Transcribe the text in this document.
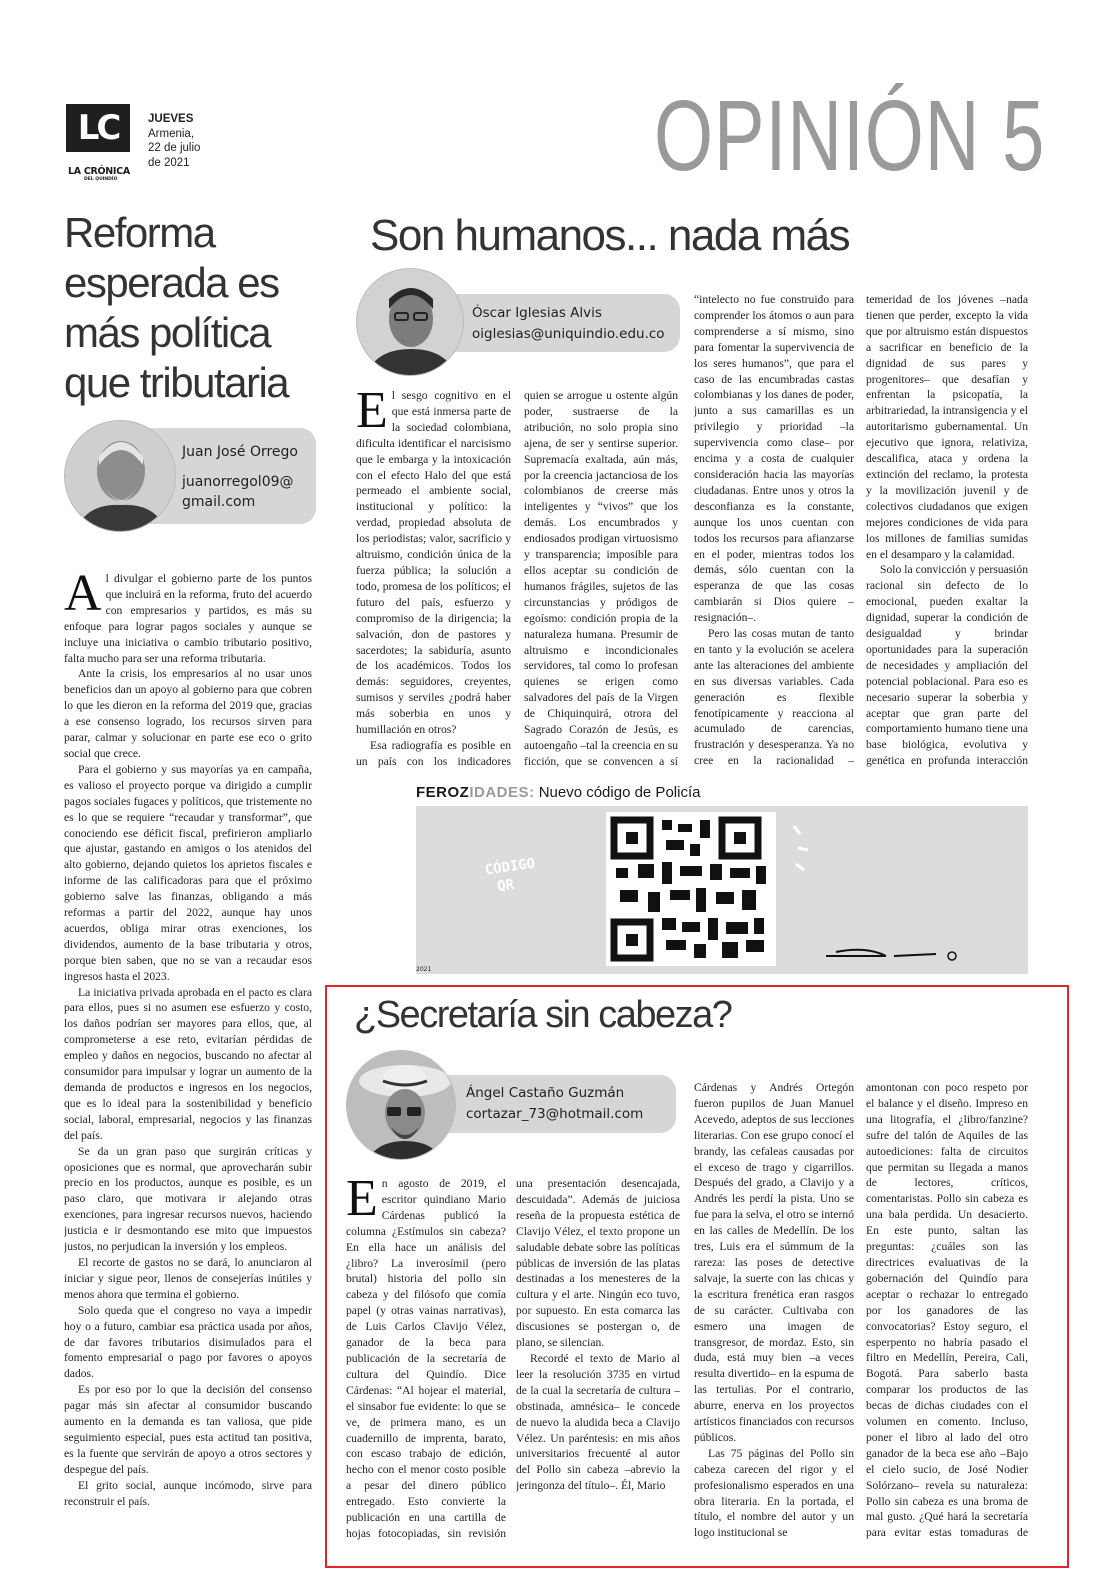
LC
LA CRÓNICA
DEL QUINDÍO
JUEVES
Armenia,
22 de julio
de 2021	OPINIÓN 5
Reforma esperada es más política que tributaria
Juan José Orrego
juanorregol09@
gmail.com
A l divulgar el gobierno parte de los puntos que incluirá en la reforma, fruto del acuerdo con empresarios y partidos, es más su enfoque para lograr pagos sociales y aunque se incluye una iniciativa o cambio tributario positivo, falta mucho para ser una reforma tributaria.

Ante la crisis, los empresarios al no usar unos beneficios dan un apoyo al gobierno para que cobren lo que les dieron en la reforma del 2019 que, gracias a ese consenso logrado, los recursos sirven para parar, calmar y solucionar en parte ese eco o grito social que crece.

Para el gobierno y sus mayorías ya en campaña, es valioso el proyecto porque va dirigido a cumplir pagos sociales fugaces y políticos, que tristemente no es lo que se requiere “recaudar y transformar”, que conociendo ese déficit fiscal, prefirieron ampliarlo que ajustar, gastando en amigos o los atenidos del alto gobierno, dejando quietos los aprietos fiscales e informe de las calificadoras para que el próximo gobierno salve las finanzas, obligando a más reformas a partir del 2022, aunque hay unos acuerdos, obliga mirar otras exenciones, los dividendos, aumento de la base tributaria y otros, porque bien saben, que no se van a recaudar esos ingresos hasta el 2023.

La iniciativa privada aprobada en el pacto es clara para ellos, pues si no asumen ese esfuerzo y costo, los daños podrían ser mayores para ellos, que, al comprometerse a ese reto, evitarían pérdidas de empleo y daños en negocios, buscando no afectar al consumidor para impulsar y lograr un aumento de la demanda de productos e ingresos en los negocios, que es lo ideal para la sostenibilidad y beneficio social, laboral, empresarial, negocios y las finanzas del país.

Se da un gran paso que surgirán críticas y oposiciones que es normal, que aprovecharán subir precio en los productos, aunque es posible, es un paso claro, que motivara ir alejando otras exenciones, para ingresar recursos nuevos, haciendo justicia e ir desmontando ese mito que impuestos justos, no perjudican la inversión y los empleos.

El recorte de gastos no se dará, lo anunciaron al iniciar y sigue peor, llenos de consejerías inútiles y menos ahora que termina el gobierno.

Solo queda que el congreso no vaya a impedir hoy o a futuro, cambiar esa práctica usada por años, de dar favores tributarios disimulados para el fomento empresarial o pago por favores o apoyos dados.

Es por eso por lo que la decisión del consenso pagar más sin afectar al consumidor buscando aumento en la demanda es tan valiosa, que pide seguimiento especial, pues esta actitud tan positiva, es la fuente que servirán de apoyo a otros sectores y despegue del país.

El grito social, aunque incómodo, sirve para reconstruir el país.

Son humanos... nada más
Óscar Iglesias Alvis
oiglesias@uniquindio.edu.co
E l sesgo cognitivo en el que está inmersa parte de la sociedad colombiana, dificulta identificar el narcisismo que le embarga y la intoxicación con el efecto Halo del que está permeado el ambiente social, institucional y político: la verdad, propiedad absoluta de los periodistas; valor, sacrificio y altruismo, condición única de la fuerza pública; la solución a todo, promesa de los políticos; el futuro del país, esfuerzo y compromiso de la dirigencia; la salvación, don de pastores y sacerdotes; la sabiduría, asunto de los académicos. Todos los demás: seguidores, creyentes, sumisos y serviles ¿podrá haber más soberbia en unos y humillación en otros?

Esa radiografía es posible en un país con los indicadores

quien se arrogue u ostente algún poder, sustraerse de la atribución, no solo propia sino ajena, de ser y sentirse superior. Supremacía exaltada, aún más, por la creencia jactanciosa de los colombianos de creerse más inteligentes y “vivos” que los demás. Los encumbrados y endiosados prodigan virtuosismo y transparencia; imposible para ellos aceptar su condición de humanos frágiles, sujetos de las circunstancias y pródigos de egoísmo: condición propia de la naturaleza humana. Presumir de altruismo e incondicionales servidores, tal como lo profesan quienes se erigen como salvadores del país de la Virgen de Chiquinquirá, otrora del Sagrado Corazón de Jesús, es autoengaño –tal la creencia en su ficción, que se convencen a sí

“intelecto no fue construido para comprender los átomos o aun para comprenderse a sí mismo, sino para fomentar la supervivencia de los seres humanos”, que para el caso de las encumbradas castas colombianas y los danes de poder, junto a sus camarillas es un privilegio y prioridad –la supervivencia como clase– por encima y a costa de cualquier consideración hacia las mayorías ciudadanas. Entre unos y otros la desconfianza es la constante, aunque los unos cuentan con todos los recursos para afianzarse en el poder, mientras todos los demás, sólo cuentan con la esperanza de que las cosas cambiarán si Dios quiere –resignación–.

Pero las cosas mutan de tanto en tanto y la evolución se acelera ante las alteraciones del ambiente en sus diversas variables. Cada generación es flexible fenotípicamente y reacciona al acumulado de carencias, frustración y desesperanza. Ya no cree en la racionalidad –

temeridad de los jóvenes –nada tienen que perder, excepto la vida que por altruismo están dispuestos a sacrificar en beneficio de la dignidad de sus pares y progenitores– que desafían y enfrentan la psicopatía, la arbitrariedad, la intransigencia y el autoritarismo gubernamental. Un ejecutivo que ignora, relativiza, descalifica, ataca y ordena la extinción del reclamo, la protesta y la movilización juvenil y de colectivos ciudadanos que exigen mejores condiciones de vida para los millones de familias sumidas en el desamparo y la calamidad.

Solo la convicción y persuasión racional sin defecto de lo emocional, pueden exaltar la dignidad, superar la condición de desigualdad y brindar oportunidades para la superación de necesidades y ampliación del potencial poblacional. Para eso es necesario superar la soberbia y aceptar que gran parte del comportamiento humano tiene una base biológica, evolutiva y genética en profunda interacción

FEROZIDADES: Nuevo código de Policía
CÓDIGO
QR
2021
¿Secretaría sin cabeza?
Ángel Castaño Guzmán
cortazar_73@hotmail.com
E n agosto de 2019, el escritor quindiano Mario Cárdenas publicó la columna ¿Estímulos sin cabeza? En ella hace un análisis del ¿libro? La inverosímil (pero brutal) historia del pollo sin cabeza y del filósofo que comía papel (y otras vainas narrativas), de Luis Carlos Clavijo Vélez, ganador de la beca para publicación de la secretaría de cultura del Quindío. Dice Cárdenas: “Al hojear el material, el sinsabor fue evidente: lo que se ve, de primera mano, es un cuadernillo de imprenta, barato, con escaso trabajo de edición, hecho con el menor costo posible a pesar del dinero público entregado. Esto convierte la publicación en una cartilla de hojas fotocopiadas, sin revisión

una presentación desencajada, descuidada”. Además de juiciosa reseña de la propuesta estética de Clavijo Vélez, el texto propone un saludable debate sobre las políticas públicas de inversión de las platas destinadas a los menesteres de la cultura y el arte. Ningún eco tuvo, por supuesto. En esta comarca las discusiones se postergan o, de plano, se silencian.

Recordé el texto de Mario al leer la resolución 3735 en virtud de la cual la secretaría de cultura –obstinada, amnésica– le concede de nuevo la aludida beca a Clavijo Vélez. Un paréntesis: en mis años universitarios frecuenté al autor del Pollo sin cabeza –abrevio la jeringonza del título–. Él, Mario

Cárdenas y Andrés Ortegón fueron pupilos de Juan Manuel Acevedo, adeptos de sus lecciones literarias. Con ese grupo conocí el brandy, las cefaleas causadas por el exceso de trago y cigarrillos. Después del grado, a Clavijo y a Andrés les perdí la pista. Uno se fue para la selva, el otro se internó en las calles de Medellín. De los tres, Luis era el súmmum de la rareza: las poses de detective salvaje, la suerte con las chicas y la escritura frenética eran rasgos de su carácter. Cultivaba con esmero una imagen de transgresor, de mordaz. Esto, sin duda, está muy bien –a veces resulta divertido– en la espuma de las tertulias. Por el contrario, aburre, enerva en los proyectos artísticos financiados con recursos públicos.

Las 75 páginas del Pollo sin cabeza carecen del rigor y el profesionalismo esperados en una obra literaria. En la portada, el título, el nombre del autor y un logo institucional se

amontonan con poco respeto por el balance y el diseño. Impreso en una litografía, el ¿libro/fanzine? sufre del talón de Aquiles de las autoediciones: falta de circuitos que permitan su llegada a manos de lectores, críticos, comentaristas. Pollo sin cabeza es una bala perdida. Un desacierto. En este punto, saltan las preguntas: ¿cuáles son las directrices evaluativas de la gobernación del Quindío para aceptar o rechazar lo entregado por los ganadores de las convocatorias? Estoy seguro, el esperpento no habría pasado el filtro en Medellín, Pereira, Cali, Bogotá. Para saberlo basta comparar los productos de las becas de dichas ciudades con el volumen en comento. Incluso, poner el libro al lado del otro ganador de la beca ese año –Bajo el cielo sucio, de José Nodier Solórzano– revela su naturaleza: Pollo sin cabeza es una broma de mal gusto. ¿Qué hará la secretaría para evitar estas tomaduras de
